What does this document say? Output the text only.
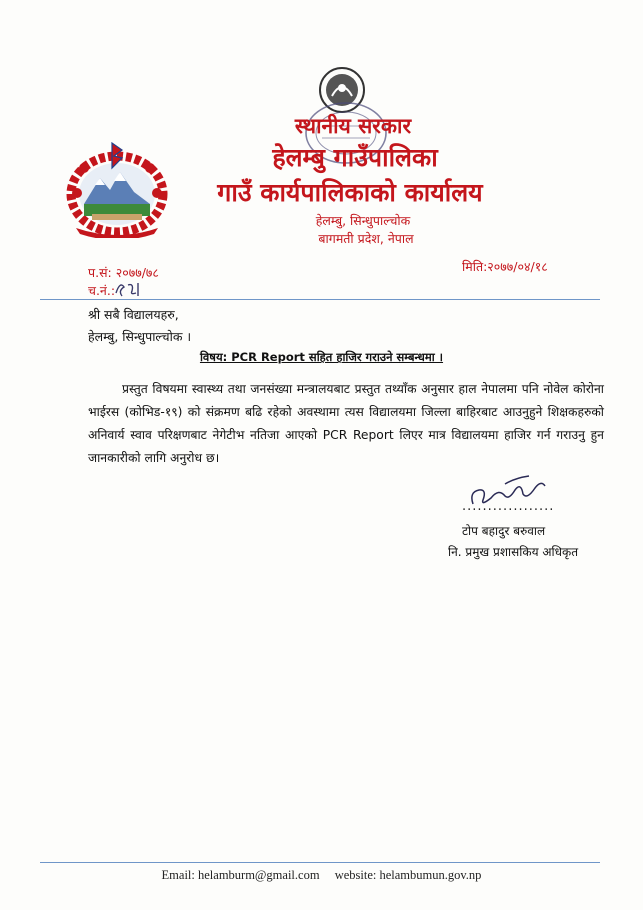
स्थानीय सरकार
हेलम्बु गाउँपालिका
गाउँ कार्यपालिकाको कार्यालय
हेलम्बु, सिन्धुपाल्चोक
बागमती प्रदेश, नेपाल
प.सं: २०७७/७८	मिति:२०७७/०४/१८
च.नं.:
श्री सबै विद्यालयहरु,
हेलम्बु, सिन्धुपाल्चोक ।
विषय: PCR Report सहित हाजिर गराउने सम्बन्धमा ।
प्रस्तुत विषयमा स्वास्थ्य तथा जनसंख्या मन्त्रालयबाट प्रस्तुत तथ्याँक अनुसार हाल नेपालमा पनि नोवेल कोरोना भाईरस (कोभिड-१९) को संक्रमण बढि रहेको अवस्थामा त्यस विद्यालयमा जिल्ला बाहिरबाट आउनुहुने शिक्षकहरुको अनिवार्य स्वाव परिक्षणबाट नेगेटीभ नतिजा आएको PCR Report लिएर मात्र विद्यालयमा हाजिर गर्न गराउनु हुन जानकारीको लागि अनुरोध छ।
..................
टोप बहादुर बरुवाल
नि. प्रमुख प्रशासकिय अधिकृत
Email: helamburm@gmail.com website: helambumun.gov.np
